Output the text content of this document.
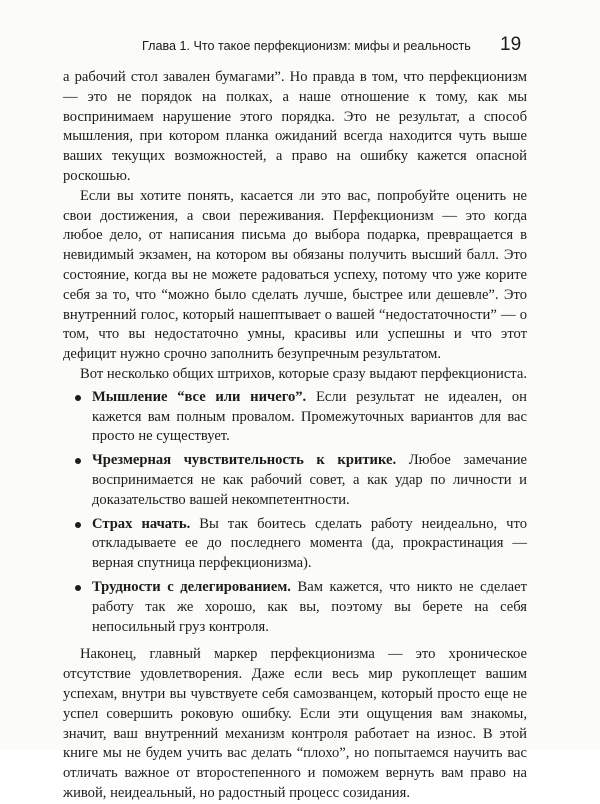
Глава 1. Что такое перфекционизм: мифы и реальность	19

а рабочий стол завален бумагами”. Но правда в том, что перфекционизм — это не порядок на полках, а наше отношение к тому, как мы воспринимаем нарушение этого порядка. Это не результат, а способ мышления, при котором планка ожиданий всегда находится чуть выше ваших текущих возможностей, а право на ошибку кажется опасной роскошью.

Если вы хотите понять, касается ли это вас, попробуйте оценить не свои достижения, а свои переживания. Перфекционизм — это когда любое дело, от написания письма до выбора подарка, превращается в невидимый экзамен, на котором вы обязаны получить высший балл. Это состояние, когда вы не можете радоваться успеху, потому что уже корите себя за то, что “можно было сделать лучше, быстрее или дешевле”. Это внутренний голос, который нашептывает о вашей “недостаточности” — о том, что вы недостаточно умны, красивы или успешны и что этот дефицит нужно срочно заполнить безупречным результатом.

Вот несколько общих штрихов, которые сразу выдают перфекциониста.

Мышление “все или ничего”. Если результат не идеален, он кажется вам полным провалом. Промежуточных вариантов для вас просто не существует.
Чрезмерная чувствительность к критике. Любое замечание воспринимается не как рабочий совет, а как удар по личности и доказательство вашей некомпетентности.
Страх начать. Вы так боитесь сделать работу неидеально, что откладываете ее до последнего момента (да, прокрастинация — верная спутница перфекционизма).
Трудности с делегированием. Вам кажется, что никто не сделает работу так же хорошо, как вы, поэтому вы берете на себя непосильный груз контроля.

Наконец, главный маркер перфекционизма — это хроническое отсутствие удовлетворения. Даже если весь мир рукоплещет вашим успехам, внутри вы чувствуете себя самозванцем, который просто еще не успел совершить роковую ошибку. Если эти ощущения вам знакомы, значит, ваш внутренний механизм контроля работает на износ. В этой книге мы не будем учить вас делать “плохо”, но попытаемся научить вас отличать важное от второстепенного и поможем вернуть вам право на живой, неидеальный, но радостный процесс созидания.
